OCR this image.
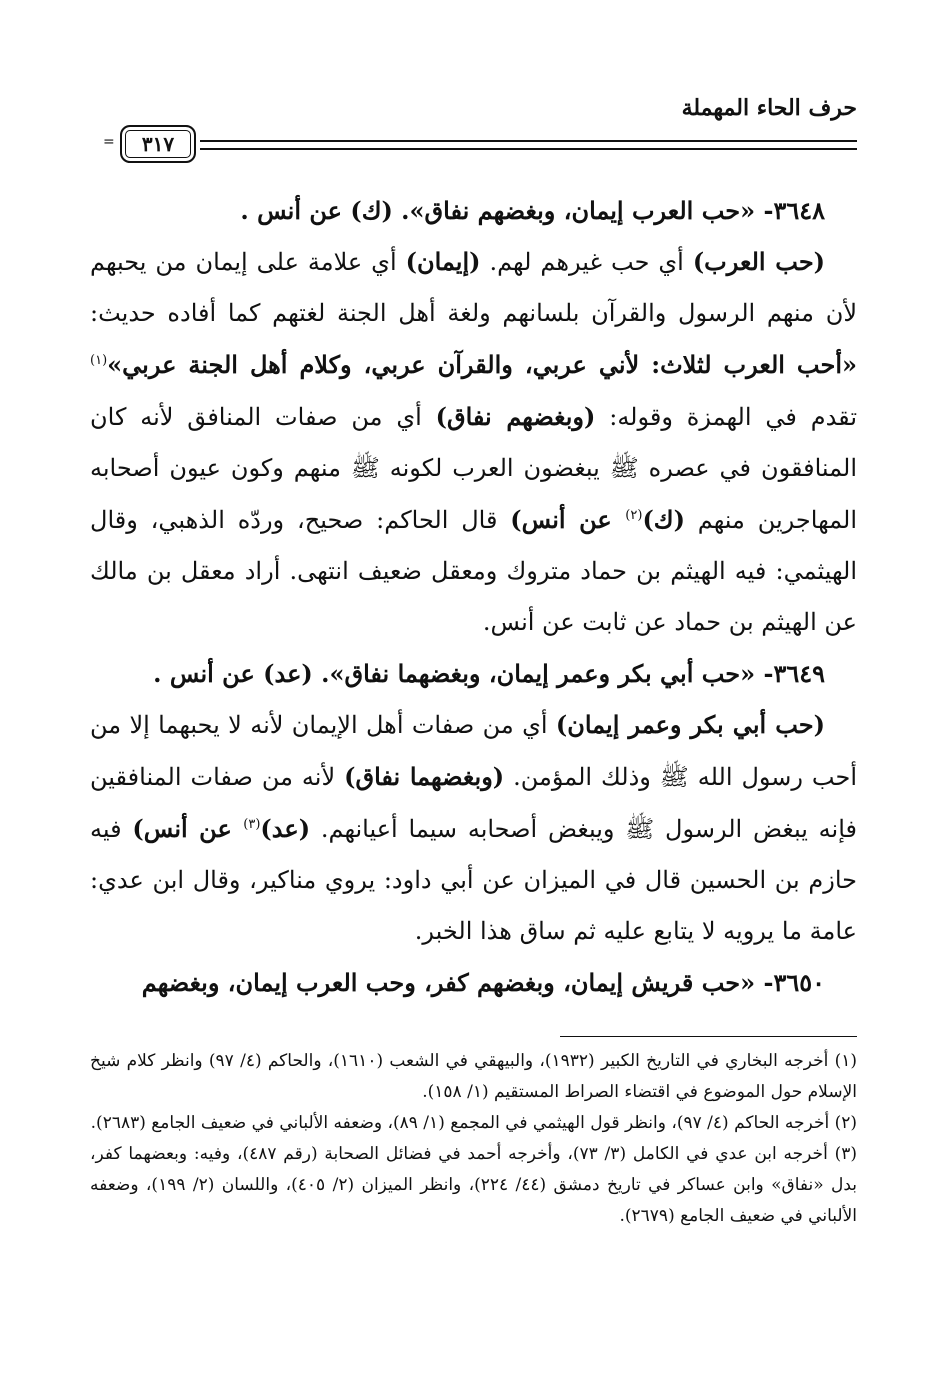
حرف الحاء المهملة
=	٣١٧

٣٦٤٨- «حب العرب إيمان، وبغضهم نفاق». (ك) عن أنس .

(حب العرب) أي حب غيرهم لهم. (إيمان) أي علامة على إيمان من يحبهم لأن منهم الرسول والقرآن بلسانهم ولغة أهل الجنة لغتهم كما أفاده حديث: «أحب العرب لثلاث: لأني عربي، والقرآن عربي، وكلام أهل الجنة عربي»$^{(١)}$ تقدم في الهمزة وقوله: (وبغضهم نفاق) أي من صفات المنافق لأنه كان المنافقون في عصره ﷺ يبغضون العرب لكونه ﷺ منهم وكون عيون أصحابه المهاجرين منهم (ك)$^{(٢)}$ عن أنس) قال الحاكم: صحيح، وردّه الذهبي، وقال الهيثمي: فيه الهيثم بن حماد متروك ومعقل ضعيف انتهى. أراد معقل بن مالك عن الهيثم بن حماد عن ثابت عن أنس.

٣٦٤٩- «حب أبي بكر وعمر إيمان، وبغضهما نفاق». (عد) عن أنس .

(حب أبي بكر وعمر إيمان) أي من صفات أهل الإيمان لأنه لا يحبهما إلا من أحب رسول الله ﷺ وذلك المؤمن. (وبغضهما نفاق) لأنه من صفات المنافقين فإنه يبغض الرسول ﷺ ويبغض أصحابه سيما أعيانهم. (عد)$^{(٣)}$ عن أنس) فيه حازم بن الحسين قال في الميزان عن أبي داود: يروي مناكير، وقال ابن عدي: عامة ما يرويه لا يتابع عليه ثم ساق هذا الخبر.

٣٦٥٠- «حب قريش إيمان، وبغضهم كفر، وحب العرب إيمان، وبغضهم

(١) أخرجه البخاري في التاريخ الكبير (١٩٣٢)، والبيهقي في الشعب (١٦١٠)، والحاكم (٤/ ٩٧) وانظر كلام شيخ الإسلام حول الموضوع في اقتضاء الصراط المستقيم (١/ ١٥٨).

(٢) أخرجه الحاكم (٤/ ٩٧)، وانظر قول الهيثمي في المجمع (١/ ٨٩)، وضعفه الألباني في ضعيف الجامع (٢٦٨٣).

(٣) أخرجه ابن عدي في الكامل (٣/ ٧٣)، وأخرجه أحمد في فضائل الصحابة (رقم ٤٨٧)، وفيه: وبعضهما كفر، بدل «نفاق» وابن عساكر في تاريخ دمشق (٤٤/ ٢٢٤)، وانظر الميزان (٢/ ٤٠٥)، واللسان (٢/ ١٩٩)، وضعفه الألباني في ضعيف الجامع (٢٦٧٩).
